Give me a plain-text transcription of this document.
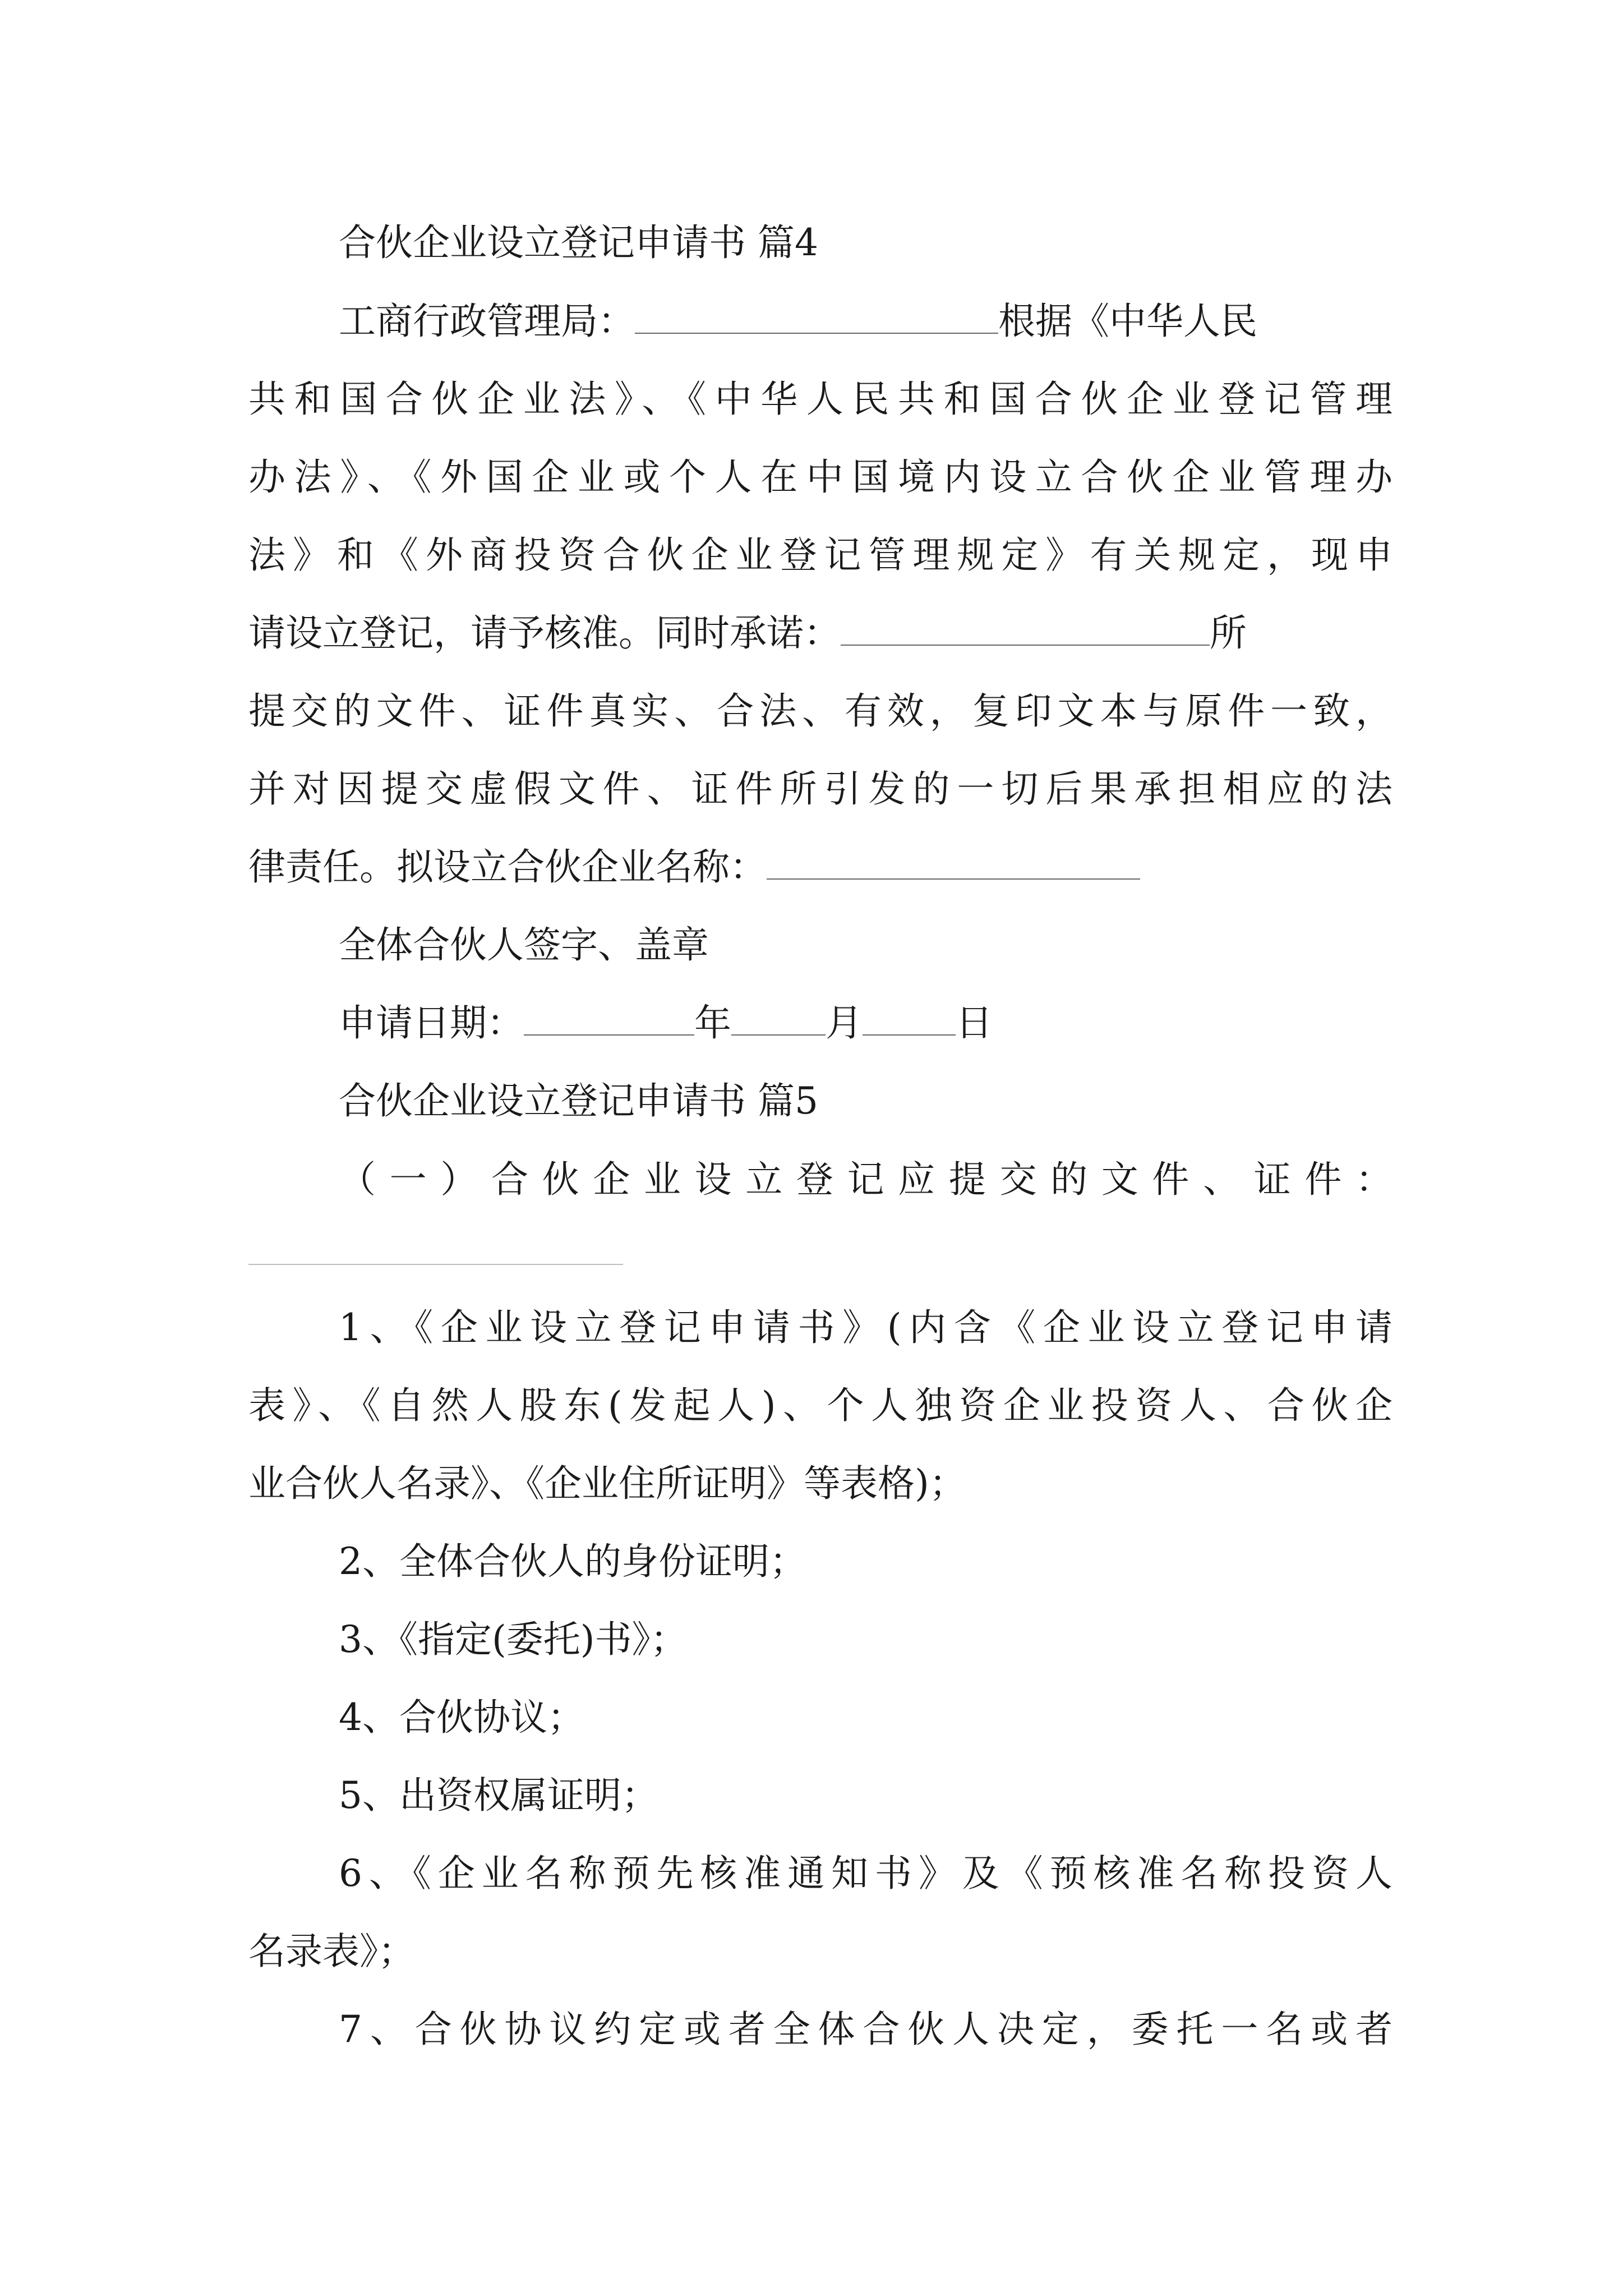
合伙企业设立登记申请书 篇4
工商行政管理局：	根据《中华人民
共和国合伙企业法》、《中华人民共和国合伙企业登记管理
办法》、《外国企业或个人在中国境内设立合伙企业管理办
法》和《外商投资合伙企业登记管理规定》有关规定，现申
请设立登记，请予核准。同时承诺：	所
提交的文件、证件真实、合法、有效，复印文本与原件一致，
并对因提交虚假文件、证件所引发的一切后果承担相应的法
律责任。拟设立合伙企业名称：
全体合伙人签字、盖章
申请日期：	年	月	日
合伙企业设立登记申请书 篇5
（一）合伙企业设立登记应提交的文件、证件：
1、《企业设立登记申请书》(内含《企业设立登记申请
表》、《自然人股东(发起人)、个人独资企业投资人、合伙企
业合伙人名录》、《企业住所证明》等表格)；
2、全体合伙人的身份证明；
3、《指定(委托)书》；
4、合伙协议；
5、出资权属证明；
6、《企业名称预先核准通知书》及《预核准名称投资人
名录表》；
7、合伙协议约定或者全体合伙人决定，委托一名或者
